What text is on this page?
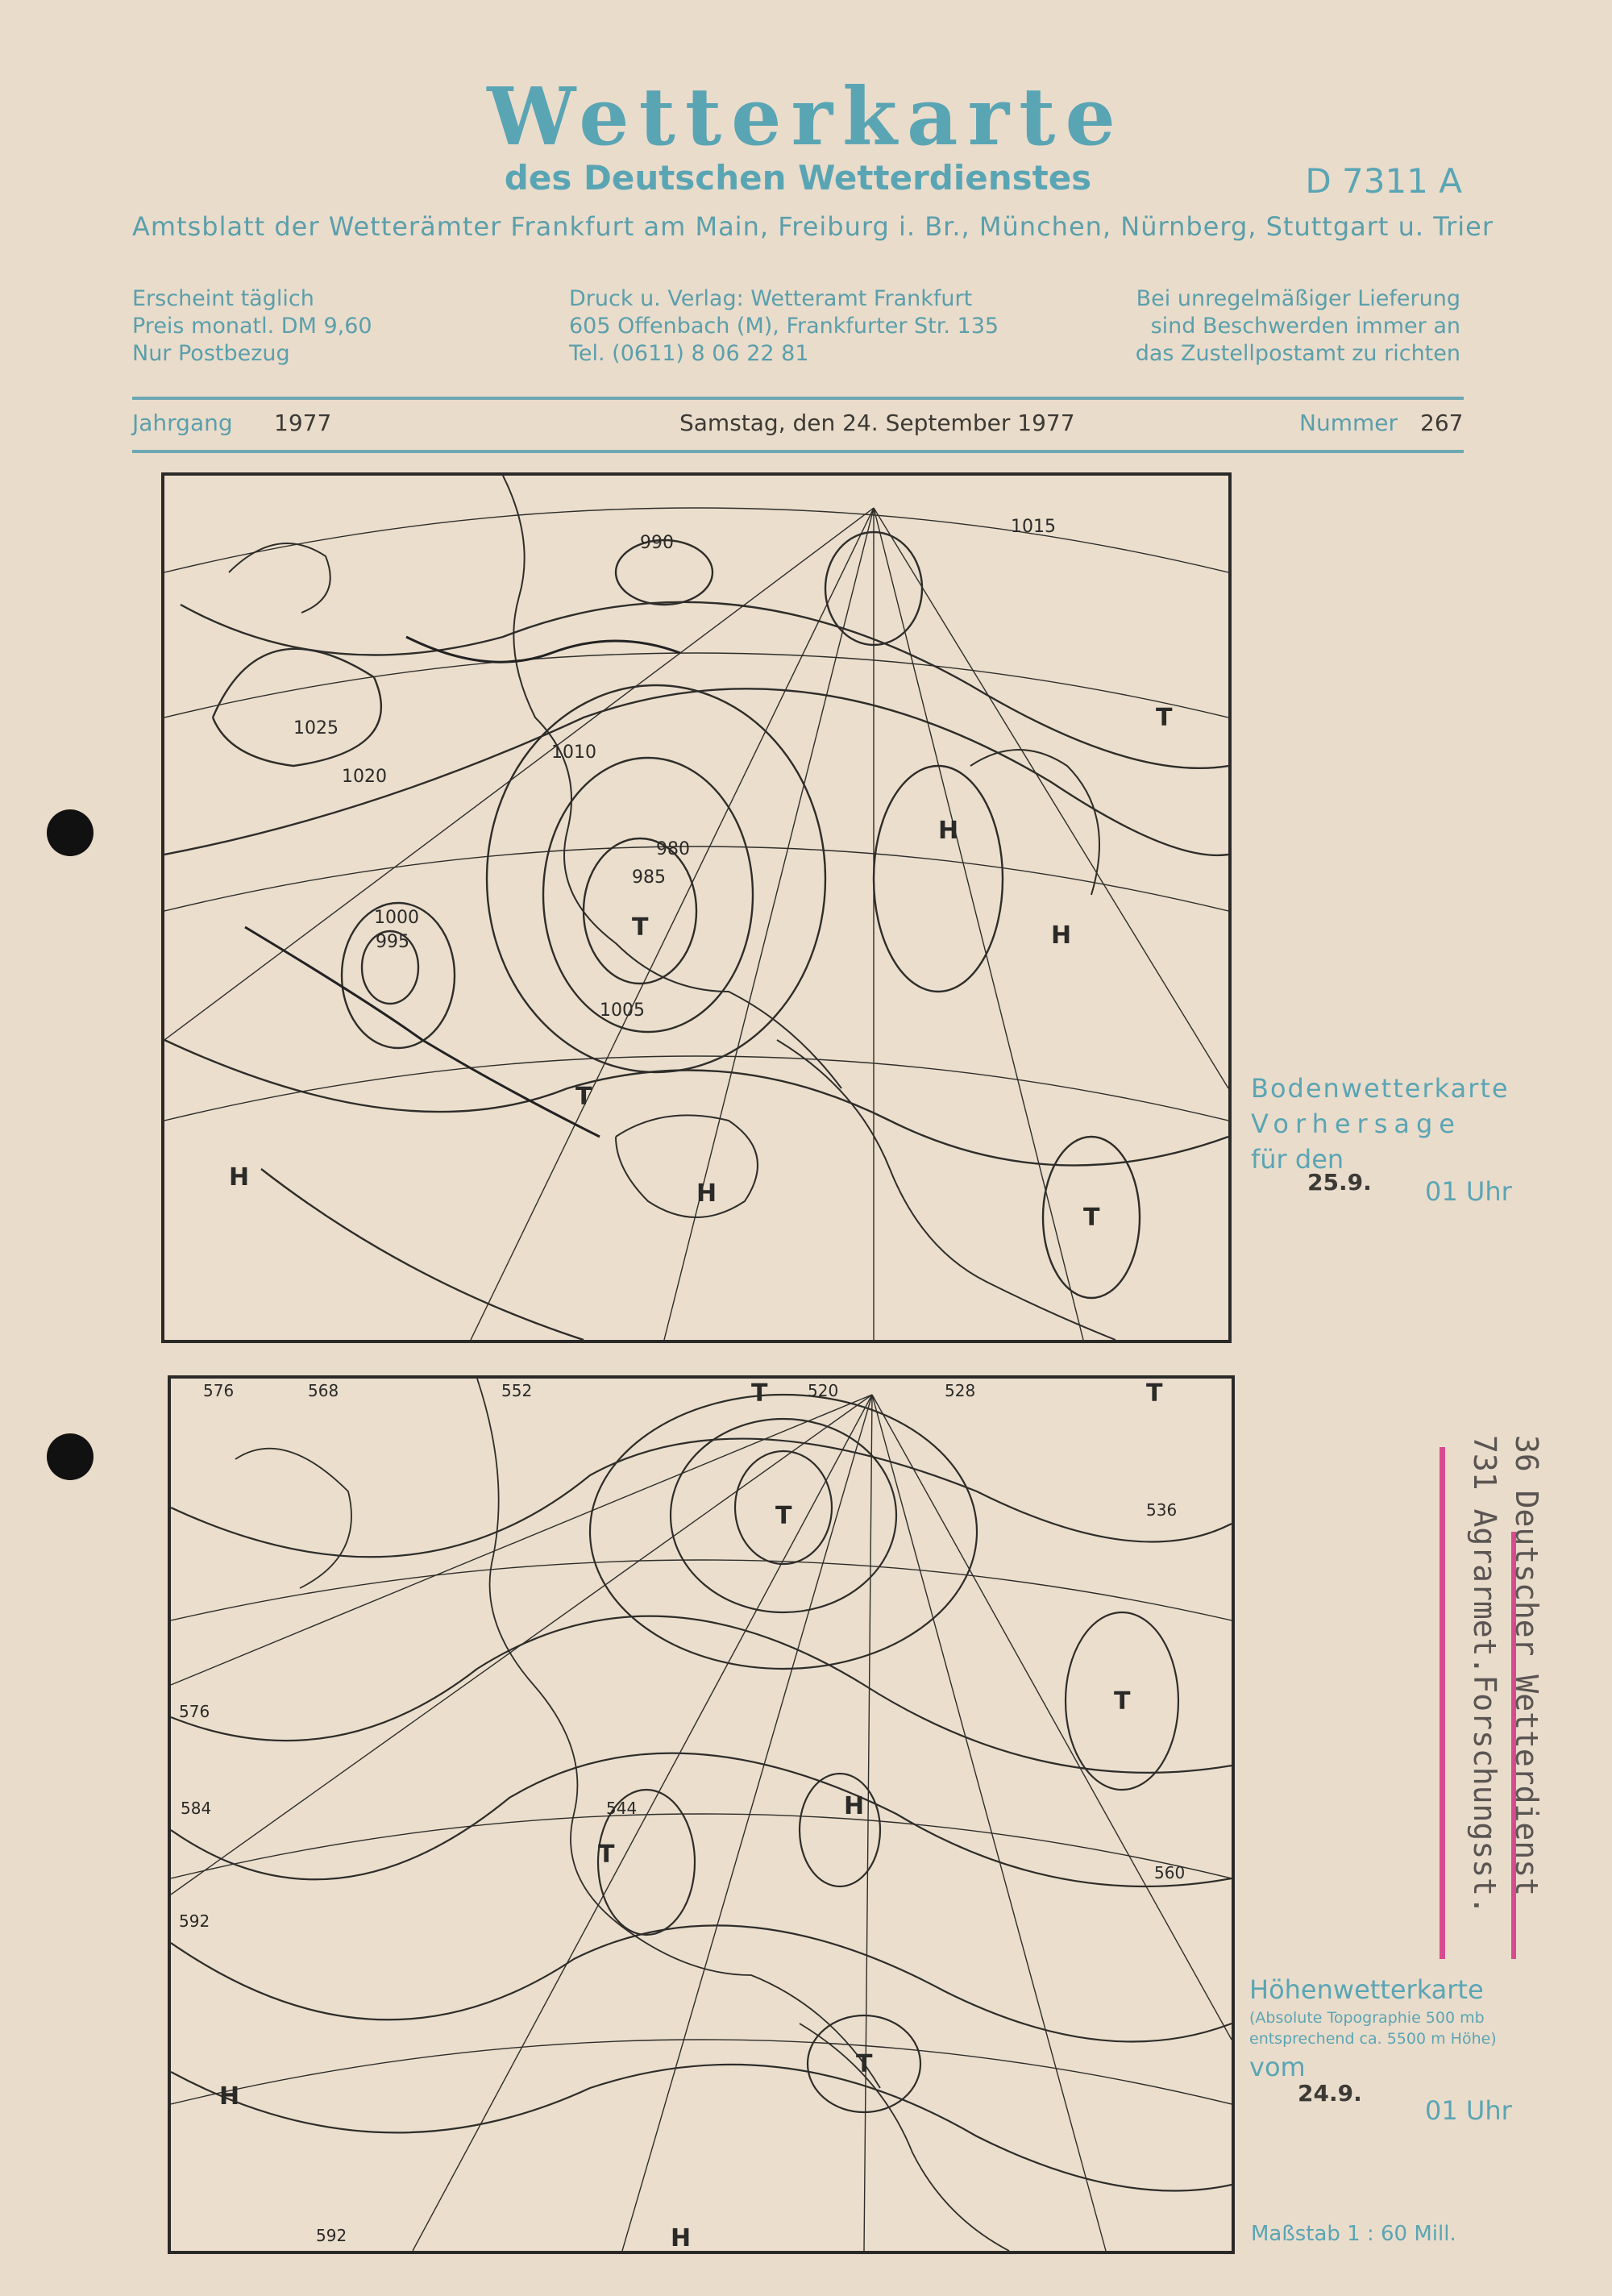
Wetterkarte
des Deutschen Wetterdienstes	D 7311 A
Amtsblatt der Wetterämter Frankfurt am Main, Freiburg i. Br., München, Nürnberg, Stuttgart u. Trier
Erscheint täglich
Preis monatl. DM 9,60
Nur Postbezug
Druck u. Verlag: Wetteramt Frankfurt
605 Offenbach (M), Frankfurter Str. 135
Tel. (0611) 8 06 22 81
Bei unregelmäßiger Lieferung
sind Beschwerden immer an
das Zustellpostamt zu richten
Jahrgang 1977	Samstag, den 24. September 1977	Nummer 267
1010
1015
1020
1025
1005
1000
995
990
985
980
H
H
H
H
T
T
T
T
Bodenwetterkarte
Vorhersage
für den
25.9. 01 Uhr
576
576	568	552
536
520	528
584
592
592
544
560
H
H
H
T
T	T
T
T
T
Höhenwetterkarte
(Absolute Topographie 500 mb
entsprechend ca. 5500 m Höhe)
vom
24.9.
01 Uhr
Maßstab 1 : 60 Mill.
36 Deutscher Wetterdienst
731 Agrarmet.Forschungsst.
